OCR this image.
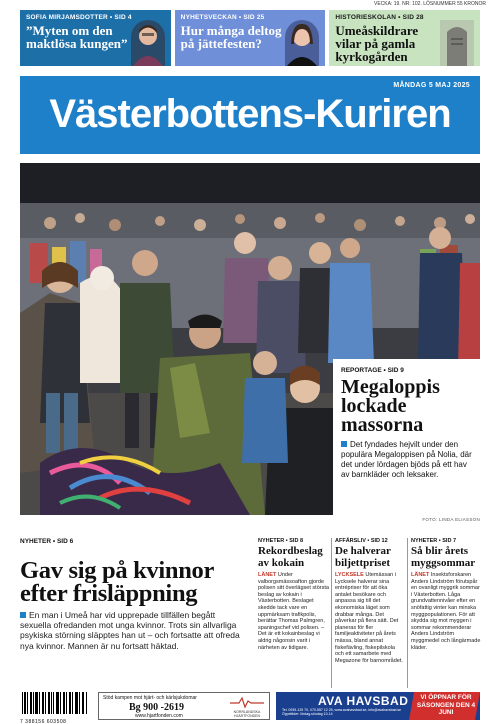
VECKA: 19. NR: 102. LÖSNUMMER 55 KRONOR
SOFIA MIRJAMSDOTTER • SID 4
”Myten om den maktlösa kungen”
NYHETSVECKAN • SID 25
Hur många deltog på jättefesten?
HISTORIESKOLAN • SID 28
Umeåskildrare vilar på gamla kyrkogården
MÅNDAG 5 MAJ 2025
Västerbottens-Kuriren
FOTO: LINDA ELIASSON
REPORTAGE • SID 9
Megaloppis lockade massorna
Det fyndades hejvilt under den populära Megaloppisen på Nolia, där det under lördagen bjöds på ett hav av barnkläder och leksaker.
NYHETER • SID 6
Gav sig på kvinnor efter frisläppning
En man i Umeå har vid upprepade tillfällen begått sexuella ofredanden mot unga kvinnor. Trots sin allvarliga psykiska störning släpptes han ut – och fortsatte att ofreda nya kvinnor. Mannen är nu fortsatt häktad.
NYHETER • SID 8
Rekordbeslag av kokain
LÄNET Under valborgsmässoafton gjorde polisen sitt överlägset största beslag av kokain i Västerbotten. Beslaget skedde tack vare en uppmärksam trafikpolis, berättar Thomas Palmgren, spaningschef vid polisen. – Det är ett kokainbeslag vi aldrig någonsin varit i närheten av tidigare.
AFFÄRSLIV • SID 12
De halverar biljettpriset
LYCKSELE Utemässan i Lycksele halverar sina entrépriser för att öka antalet besökare och anpassa sig till det ekonomiska läget som drabbar många. Det påverkar på flera sätt. Det planeras för fler familjeaktiviteter på årets mässa, bland annat fiskefävling, fiskepilskola och ett samarbete med Megazone för barnområdet.
NYHETER • SID 7
Så blir årets myggsommar
LÄNET Insektsforskaren Anders Lindström förutspår en ovanligt myggrik sommar i Västerbotten. Låga grundvattennivåer efter en snöfattig vinter kan minska myggpopulationen. För att skydda sig mot myggen i sommar rekommenderar Anders Lindström myggmedel och långärmade kläder.
7 388156 603508
Stöd kampen mot hjärt- och kärlsjukdomar
Bg 900 -2619
www.hjartfonden.com
NORRLÄNDSKA HJÄRTFONDEN
AVA HAVSBAD
Tel. 0935-125 70, 070-557 12 25, www.avahavsbad.se, info@avahavsbad.se Öppettider: lördag-söndag 10-14
VI ÖPPNAR FÖR SÄSONGEN DEN 4 JUNI
